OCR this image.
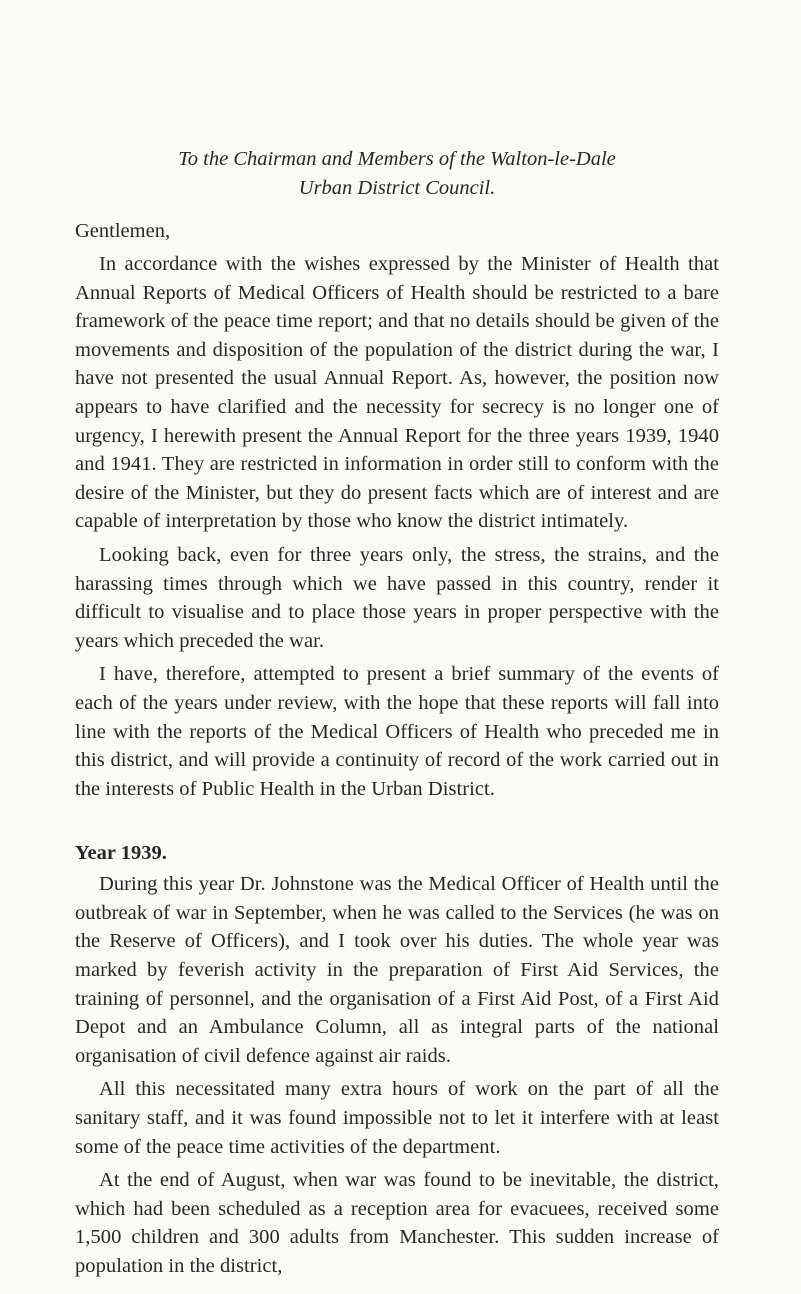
To the Chairman and Members of the Walton-le-Dale
Urban District Council.
Gentlemen,

In accordance with the wishes expressed by the Minister of Health that Annual Reports of Medical Officers of Health should be restricted to a bare framework of the peace time report; and that no details should be given of the movements and disposition of the population of the district during the war, I have not presented the usual Annual Report. As, however, the position now appears to have clarified and the necessity for secrecy is no longer one of urgency, I herewith present the Annual Report for the three years 1939, 1940 and 1941. They are restricted in information in order still to conform with the desire of the Minister, but they do present facts which are of interest and are capable of interpretation by those who know the district intimately.

Looking back, even for three years only, the stress, the strains, and the harassing times through which we have passed in this country, render it difficult to visualise and to place those years in proper perspective with the years which preceded the war.

I have, therefore, attempted to present a brief summary of the events of each of the years under review, with the hope that these reports will fall into line with the reports of the Medical Officers of Health who preceded me in this district, and will provide a continuity of record of the work carried out in the interests of Public Health in the Urban District.

Year 1939.

During this year Dr. Johnstone was the Medical Officer of Health until the outbreak of war in September, when he was called to the Services (he was on the Reserve of Officers), and I took over his duties. The whole year was marked by feverish activity in the preparation of First Aid Services, the training of personnel, and the organisation of a First Aid Post, of a First Aid Depot and an Ambulance Column, all as integral parts of the national organisation of civil defence against air raids.

All this necessitated many extra hours of work on the part of all the sanitary staff, and it was found impossible not to let it interfere with at least some of the peace time activities of the department.

At the end of August, when war was found to be inevitable, the district, which had been scheduled as a reception area for evacuees, received some 1,500 children and 300 adults from Manchester. This sudden increase of population in the district,
